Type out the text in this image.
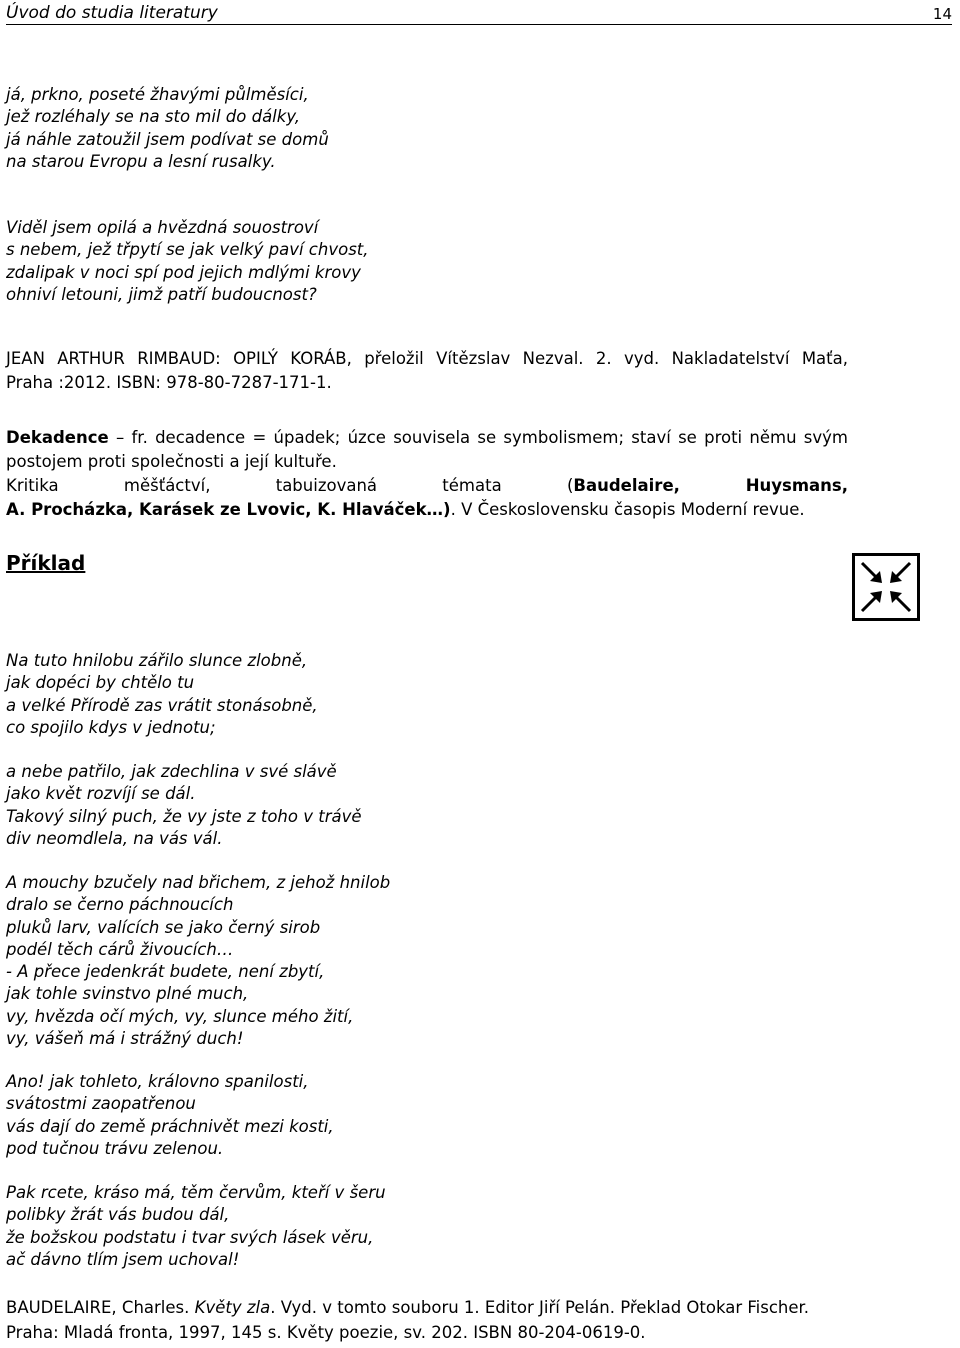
Úvod do studia literatury	14
já, prkno, poseté žhavými půlměsíci,
jež rozléhaly se na sto mil do dálky,
já náhle zatoužil jsem podívat se domů
na starou Evropu a lesní rusalky.
Viděl jsem opilá a hvězdná souostroví
s nebem, jež třpytí se jak velký paví chvost,
zdalipak v noci spí pod jejich mdlými krovy
ohniví letouni, jimž patří budoucnost?
JEAN ARTHUR RIMBAUD: OPILÝ KORÁB, přeložil Vítězslav Nezval. 2. vyd. Nakladatelství Maťa,
Praha :2012. ISBN: 978-80-7287-171-1.
Dekadence – fr. decadence = úpadek; úzce souvisela se symbolismem; staví se proti němu svým
postojem proti společnosti a její kultuře.
Kritika měšťáctví, tabuizovaná témata (Baudelaire, Huysmans,
A. Procházka, Karásek ze Lvovic, K. Hlaváček…). V Československu časopis Moderní revue.
Příklad
Na tuto hnilobu zářilo slunce zlobně,
jak dopéci by chtělo tu
a velké Přírodě zas vrátit stonásobně,
co spojilo kdys v jednotu;
a nebe patřilo, jak zdechlina v své slávě
jako květ rozvíjí se dál.
Takový silný puch, že vy jste z toho v trávě
div neomdlela, na vás vál.
A mouchy bzučely nad břichem, z jehož hnilob
dralo se černo páchnoucích
pluků larv, valících se jako černý sirob
podél těch cárů živoucích…
- A přece jedenkrát budete, není zbytí,
jak tohle svinstvo plné much,
vy, hvězda očí mých, vy, slunce mého žití,
vy, vášeň má i strážný duch!
Ano! jak tohleto, královno spanilosti,
svátostmi zaopatřenou
vás dají do země práchnivět mezi kosti,
pod tučnou trávu zelenou.
Pak rcete, kráso má, těm červům, kteří v šeru
polibky žrát vás budou dál,
že božskou podstatu i tvar svých lásek věru,
ač dávno tlím jsem uchoval!
BAUDELAIRE, Charles. Květy zla. Vyd. v tomto souboru 1. Editor Jiří Pelán. Překlad Otokar Fischer.
Praha: Mladá fronta, 1997, 145 s. Květy poezie, sv. 202. ISBN 80-204-0619-0.
